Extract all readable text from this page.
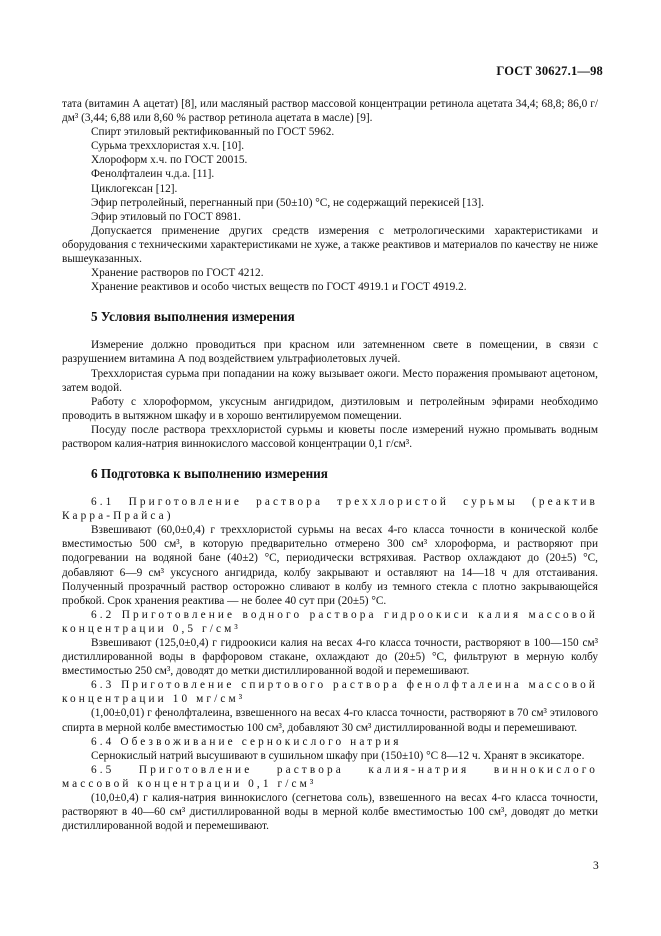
ГОСТ 30627.1—98

тата (витамин А ацетат) [8], или масляный раствор массовой концентрации ретинола ацетата 34,4; 68,8; 86,0 г/дм³ (3,44; 6,88 или 8,60 % раствор ретинола ацетата в масле) [9].

Спирт этиловый ректификованный по ГОСТ 5962.

Сурьма треххлористая х.ч. [10].

Хлороформ х.ч. по ГОСТ 20015.

Фенолфталеин ч.д.а. [11].

Циклогексан [12].

Эфир петролейный, перегнанный при (50±10) °С, не содержащий перекисей [13].

Эфир этиловый по ГОСТ 8981.

Допускается применение других средств измерения с метрологическими характеристиками и оборудования с техническими характеристиками не хуже, а также реактивов и материалов по качеству не ниже вышеуказанных.

Хранение растворов по ГОСТ 4212.

Хранение реактивов и особо чистых веществ по ГОСТ 4919.1 и ГОСТ 4919.2.

5 Условия выполнения измерения

Измерение должно проводиться при красном или затемненном свете в помещении, в связи с разрушением витамина А под воздействием ультрафиолетовых лучей.

Треххлористая сурьма при попадании на кожу вызывает ожоги. Место поражения промывают ацетоном, затем водой.

Работу с хлороформом, уксусным ангидридом, диэтиловым и петролейным эфирами необходимо проводить в вытяжном шкафу и в хорошо вентилируемом помещении.

Посуду после раствора треххлористой сурьмы и кюветы после измерений нужно промывать водным раствором калия-натрия виннокислого массовой концентрации 0,1 г/см³.

6 Подготовка к выполнению измерения

6.1 Приготовление раствора треххлористой сурьмы (реактив Карра-Прайса)

Взвешивают (60,0±0,4) г треххлористой сурьмы на весах 4-го класса точности в конической колбе вместимостью 500 см³, в которую предварительно отмерено 300 см³ хлороформа, и растворяют при подогревании на водяной бане (40±2) °С, периодически встряхивая. Раствор охлаждают до (20±5) °С, добавляют 6—9 см³ уксусного ангидрида, колбу закрывают и оставляют на 14—18 ч для отстаивания. Полученный прозрачный раствор осторожно сливают в колбу из темного стекла с плотно закрывающейся пробкой. Срок хранения реактива — не более 40 сут при (20±5) °С.

6.2 Приготовление водного раствора гидроокиси калия массовой концентрации 0,5 г/см³

Взвешивают (125,0±0,4) г гидроокиси калия на весах 4-го класса точности, растворяют в 100—150 см³ дистиллированной воды в фарфоровом стакане, охлаждают до (20±5) °С, фильтруют в мерную колбу вместимостью 250 см³, доводят до метки дистиллированной водой и перемешивают.

6.3 Приготовление спиртового раствора фенолфталеина массовой концентрации 10 мг/см³

(1,00±0,01) г фенолфталеина, взвешенного на весах 4-го класса точности, растворяют в 70 см³ этилового спирта в мерной колбе вместимостью 100 см³, добавляют 30 см³ дистиллированной воды и перемешивают.

6.4 Обезвоживание сернокислого натрия

Сернокислый натрий высушивают в сушильном шкафу при (150±10) °С 8—12 ч. Хранят в эксикаторе.

6.5 Приготовление раствора калия-натрия виннокислого массовой концентрации 0,1 г/см³

(10,0±0,4) г калия-натрия виннокислого (сегнетова соль), взвешенного на весах 4-го класса точности, растворяют в 40—60 см³ дистиллированной воды в мерной колбе вместимостью 100 см³, доводят до метки дистиллированной водой и перемешивают.

3
